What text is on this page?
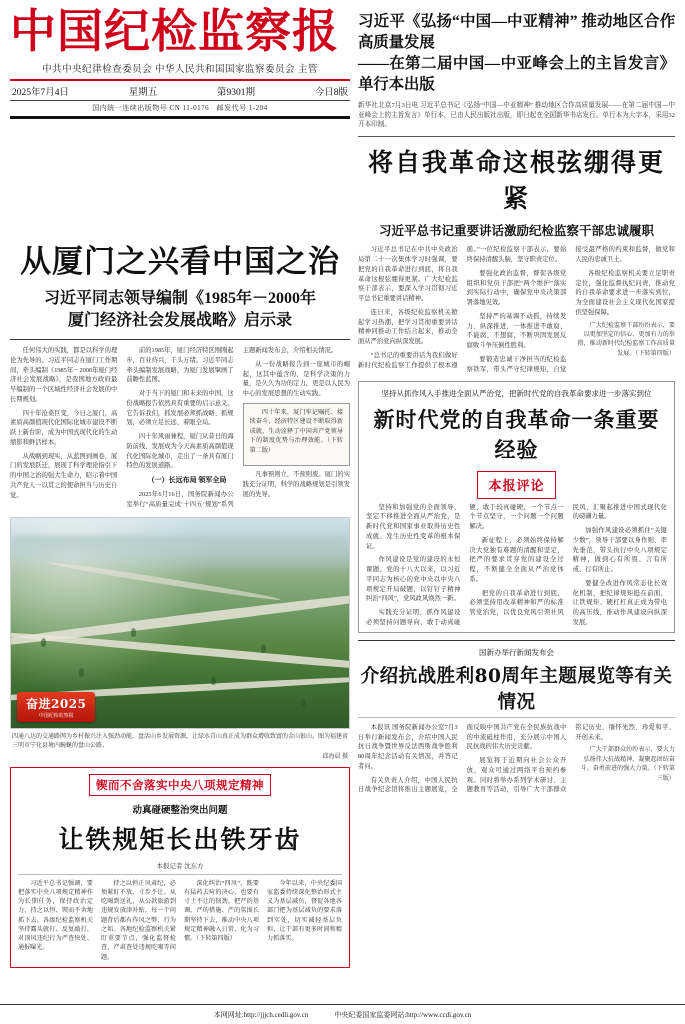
中国纪检监察报
中共中央纪律检查委员会 中华人民共和国国家监察委员会 主管
2025年7月4日	星期五	第9301期	今日8版
国内统一连续出版物号 CN 11-0176　邮发代号 1-204
习近平《弘扬“中国—中亚精神” 推动地区合作高质量发展
——在第二届中国—中亚峰会上的主旨发言》单行本出版
新华社北京7月3日电 习近平总书记《弘扬“中国—中亚精神” 推动地区合作高质量发展——在第二届中国—中亚峰会上的主旨发言》单行本，已由人民出版社出版，即日起在全国新华书店发行。单行本为大字本，采用32开本印制。
将自我革命这根弦绷得更紧
习近平总书记重要讲话激励纪检监察干部忠诚履职
从厦门之兴看中国之治
习近平同志领导编制《1985年－2000年
厦门经济社会发展战略》启示录

任何伟大的实践，都是以科学的理论为先导的。习近平同志在厦门工作期间，牵头编制《1985年－2000年厦门经济社会发展战略》，是我国地方政府最早编制的一个区域性经济社会发展的中长期规划。

四十年沧桑巨变，今日之厦门，高素质高颜值现代化国际化城市建设不断跃上新台阶，成为中国式现代化的生动缩影和鲜活样本。

从战略到现实，从蓝图到画卷，厦门的发展跃迁，展现了科学理论指引下的中国之治的强大生命力，昭示着中国共产党人一以贯之的使命担当与历史自觉。

前的1985年，厦门经济特区刚刚起步，百业待兴，千头万绪。习近平同志牵头编制发展战略，为厦门发展擘画了前瞻性蓝图。

对于当下的厦门和未来的中国，这份战略报告依然具有重要的启示意义。它告诉我们，抓发展必须抓战略、抓规划，必须立足长远、着眼全局。

四十年风雨兼程，厦门从昔日的海防前线，发展成为今天高素质高颜值现代化国际化城市，走出了一条具有厦门特色的发展道路。

（一）长远布局 领军全局

2025年6月16日，国务院新闻办公室举行“高质量完成‘十四五’规划”系列主题新闻发布会，介绍相关情况。

从一份战略报告到一座城市的崛起，这其中蕴含的，是科学决策的力量，是久久为功的定力，更是以人民为中心的发展思想的生动实践。

四十年来，厦门牢记嘱托、接续奋斗，经济特区建设不断取得新成就，生动诠释了中国共产党领导下的制度优势与治理效能。（下转第二版）

凡事预则立，不预则废。厦门的实践充分证明，科学的战略规划是引领发展的先导。

奋进2025
中国纪检监察报
四通八达的交通路网为乡村振兴注入强劲动能，盘活山乡发展资源，让绿水青山真正成为群众增收致富的金山银山。图为福建省三明市宁化县境内蜿蜒的盘山公路。
邱海晨 摄
锲而不舍落实中央八项规定精神
动真碰硬整治突出问题
让铁规矩长出铁牙齿
本报记者 沈东方

习近平总书记强调，要把落实中央八项规定精神作为长期任务，保持政治定力，持之以恒、锲而不舍地抓下去。各级纪检监察机关坚持露头就打、反复敲打，对顶风违纪行为严查快处、通报曝光。

持之以恒正风肃纪，必须紧盯不放、寸步不让。从吃喝到送礼，从公款旅游到违规发放津补贴，每一个问题背后都有作风之弊、行为之垢。各地纪检监察机关紧盯重要节点，强化监督检查，严肃查处违规吃喝等问题。

深化纠治“四风”，既要有猛药去疴的决心，也要有寸土不让的韧劲。把严的基调、严的措施、严的氛围长期坚持下去，推动中央八项规定精神融入日常、化为习惯。（下转第四版）

今年以来，中央纪委国家监委持续深化整治形式主义为基层减负，督促各地各部门把为基层减负的要求落到实处，切实减轻基层负担，让干部有更多时间和精力抓落实。

习近平总书记在中共中央政治局第二十一次集体学习时强调，要把党的自我革命进行到底，将自我革命这根弦绷得更紧。广大纪检监察干部表示，要深入学习贯彻习近平总书记重要讲话精神。

连日来，各级纪检监察机关掀起学习热潮，把学习贯彻重要讲话精神同推动工作结合起来，推动全面从严治党向纵深发展。

“总书记的重要讲话为我们做好新时代纪检监察工作提供了根本遵循。”一位纪检监察干部表示，要始终保持清醒头脑，坚守职责定位。

要强化政治监督，督促各级党组织和党员干部把“两个维护”落实到实际行动中，确保党中央决策部署落地见效。

坚持严的基调不动摇，持续发力、纵深推进，一体推进不敢腐、不能腐、不想腐，不断巩固发展反腐败斗争压倒性胜利。

要锻造忠诚干净担当的纪检监察铁军，带头严守纪律规矩，自觉接受最严格的约束和监督，做党和人民的忠诚卫士。

各级纪检监察机关要立足职责定位，强化监督执纪问责，推动党的自我革命要求进一步落实到位，为全面建设社会主义现代化国家提供坚强保障。

广大纪检监察干部纷纷表示，要以更加坚定的信心、更加有力的举措，推动新时代纪检监察工作高质量发展。（下转第四版）

坚持从抓作风入手推进全面从严治党，把新时代党的自我革命要求进一步落实到位
新时代党的自我革命一条重要经验
本报评论

坚持和加强党的全面领导，坚定不移推进全面从严治党，是新时代党和国家事业取得历史性成就、发生历史性变革的根本保证。

作风建设是党的建设的永恒课题。党的十八大以来，以习近平同志为核心的党中央以中央八项规定开局破题，以钉钉子精神纠治“四风”，党风政风焕然一新。

实践充分证明，抓作风建设必须坚持问题导向，敢于动真碰硬，敢于较真碰硬，一个节点一个节点坚守，一个问题一个问题解决。

新征程上，必须始终保持解决大党独有难题的清醒和坚定，把严的要求贯穿党的建设全过程，不断健全全面从严治党体系。

把党的自我革命进行到底，必须坚持用改革精神和严的标准管党治党，以优良党风引领社风民风，汇聚起推进中国式现代化的磅礴力量。

加强作风建设必须抓住“关键少数”，领导干部要以身作则、率先垂范，带头执行中央八项规定精神，做到心有所畏、言有所戒、行有所止。

要健全改进作风常态化长效化机制，把纪律规矩挺在前面，让铁规矩、硬杠杠真正成为带电的高压线，推动作风建设向纵深发展。

国新办举行新闻发布会
介绍抗战胜利80周年主题展览等有关情况

本报讯 国务院新闻办公室7月3日举行新闻发布会，介绍中国人民抗日战争暨世界反法西斯战争胜利80周年纪念活动有关情况，并答记者问。

有关负责人介绍，中国人民抗日战争纪念馆将推出主题展览，全面反映中国共产党在全民族抗战中的中流砥柱作用，充分展示中国人民抗战的伟大历史贡献。

展览将于近期向社会公众开放，观众可通过网络平台预约参观。同时将举办系列学术研讨、主题教育等活动，引导广大干部群众铭记历史、缅怀先烈、珍爱和平、开创未来。

广大干部群众纷纷表示，要大力弘扬伟大抗战精神，凝聚起团结奋斗、奋勇前进的强大力量。（下转第三版）

本网网址:http://jjjch.cedli.gov.cn	中央纪委国家监委网站:http://www.ccdi.gov.cn
